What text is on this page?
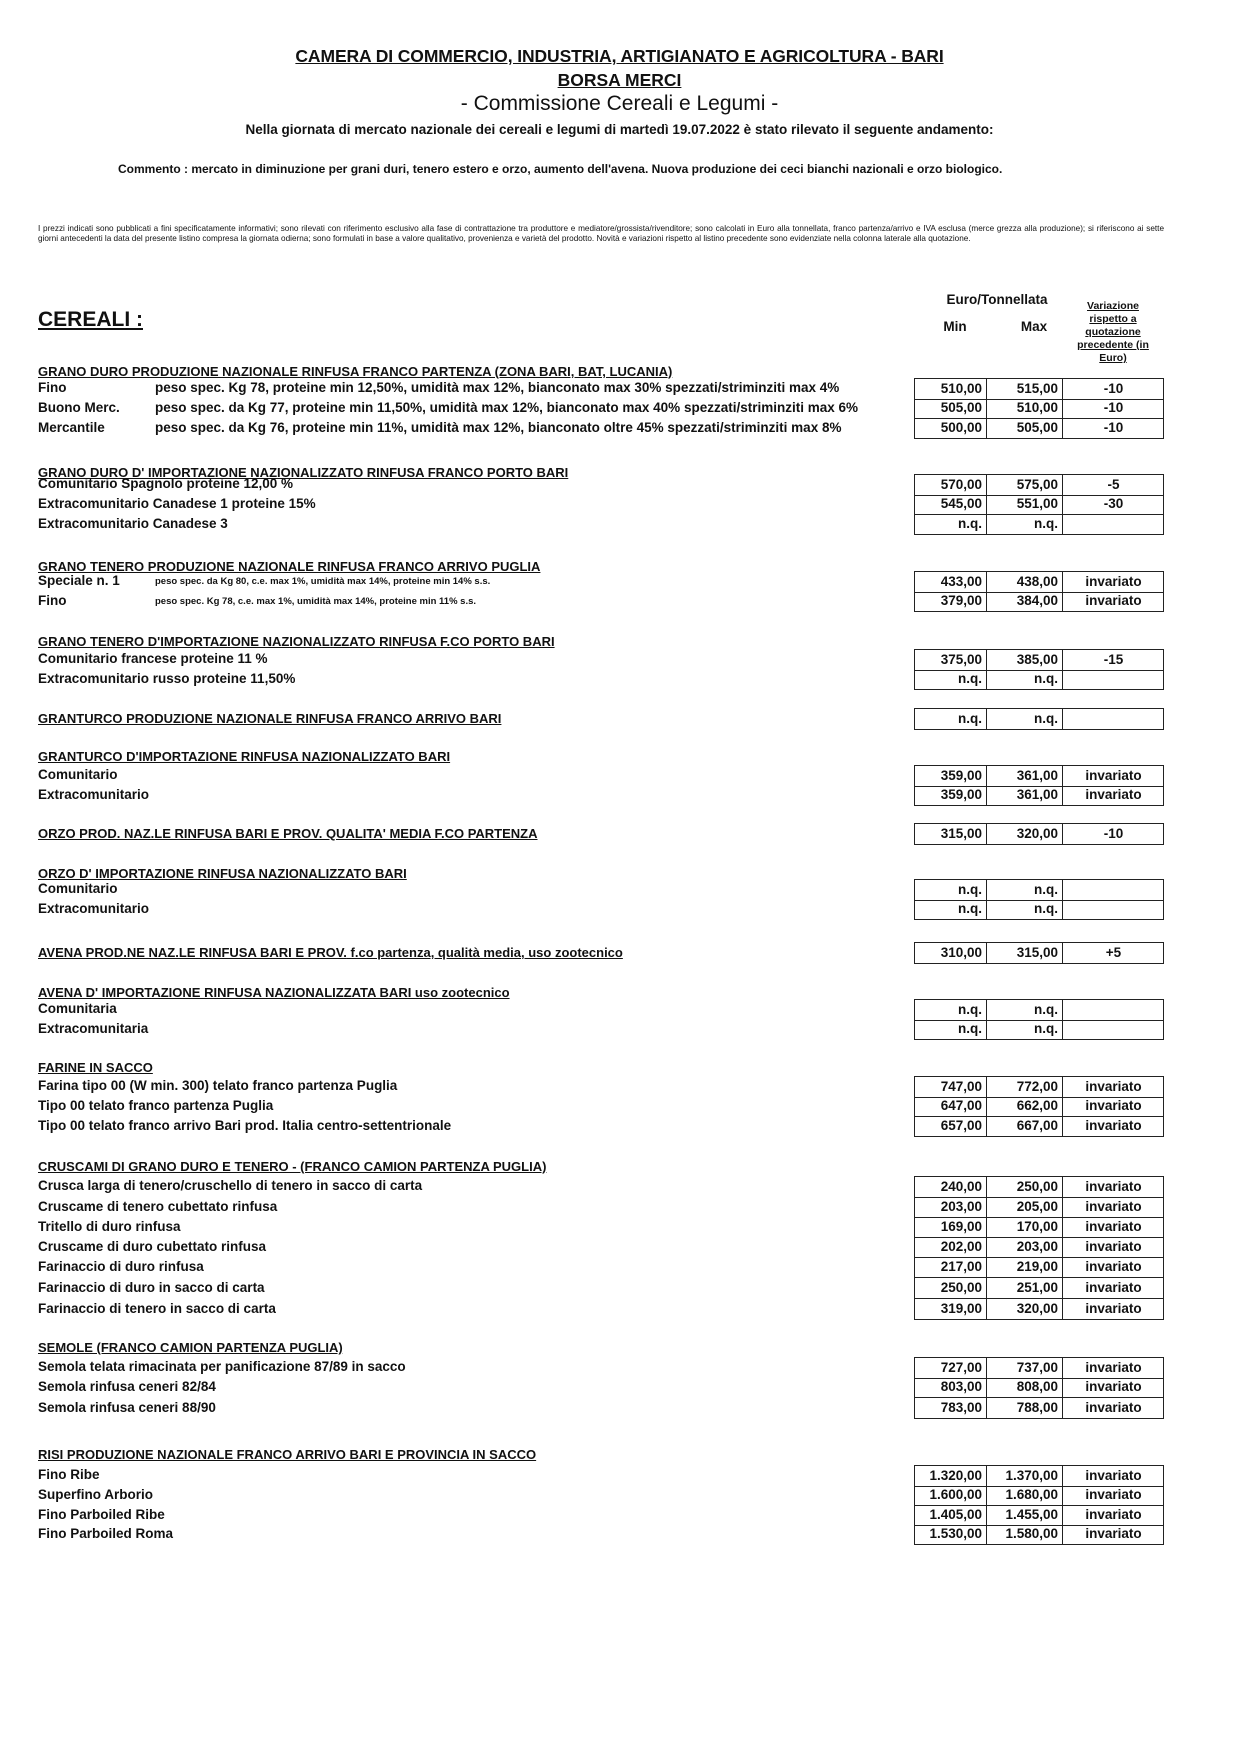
CAMERA DI COMMERCIO, INDUSTRIA, ARTIGIANATO E AGRICOLTURA - BARI
BORSA MERCI
- Commissione Cereali e Legumi -
Nella giornata di mercato nazionale dei cereali e legumi di martedì 19.07.2022 è stato rilevato il seguente andamento:
Commento : mercato in diminuzione per grani duri, tenero estero e orzo, aumento dell'avena. Nuova produzione dei ceci bianchi nazionali e orzo biologico.
I prezzi indicati sono pubblicati a fini specificatamente informativi; sono rilevati con riferimento esclusivo alla fase di contrattazione tra produttore e mediatore/grossista/rivenditore; sono calcolati in Euro alla tonnellata, franco partenza/arrivo e IVA esclusa (merce grezza alla produzione); si riferiscono ai sette giorni antecedenti la data del presente listino compresa la giornata odierna; sono formulati in base a valore qualitativo, provenienza e varietà del prodotto. Novità e variazioni rispetto al listino precedente sono evidenziate nella colonna laterale alla quotazione.
CEREALI :
Euro/Tonnellata
Min	Max
Variazione rispetto a quotazione precedente (in Euro)
GRANO DURO PRODUZIONE NAZIONALE RINFUSA FRANCO PARTENZA (ZONA BARI, BAT, LUCANIA)
Fino	peso spec. Kg 78, proteine min 12,50%, umidità max 12%, bianconato max 30% spezzati/striminziti max 4%	510,00	515,00	-10
Buono Merc.	peso spec. da Kg 77, proteine min 11,50%, umidità max 12%, bianconato max 40% spezzati/striminziti max 6%	505,00	510,00	-10
Mercantile	peso spec. da Kg 76, proteine min 11%, umidità max 12%, bianconato oltre 45% spezzati/striminziti max 8%	500,00	505,00	-10
GRANO DURO D' IMPORTAZIONE NAZIONALIZZATO RINFUSA FRANCO PORTO BARI
Comunitario Spagnolo proteine 12,00 %	570,00	575,00	-5
Extracomunitario Canadese 1 proteine 15%	545,00	551,00	-30
Extracomunitario Canadese 3	n.q.	n.q.
GRANO TENERO PRODUZIONE NAZIONALE RINFUSA FRANCO ARRIVO PUGLIA
Speciale n. 1	peso spec. da Kg 80, c.e. max 1%, umidità max 14%, proteine min 14% s.s.	433,00	438,00	invariato
Fino	peso spec. Kg 78, c.e. max 1%, umidità max 14%, proteine min 11% s.s.	379,00	384,00	invariato
GRANO TENERO D'IMPORTAZIONE NAZIONALIZZATO RINFUSA F.CO PORTO BARI
Comunitario francese proteine 11 %	375,00	385,00	-15
Extracomunitario russo proteine 11,50%	n.q.	n.q.
GRANTURCO PRODUZIONE NAZIONALE RINFUSA FRANCO ARRIVO BARI	n.q.	n.q.
GRANTURCO D'IMPORTAZIONE RINFUSA NAZIONALIZZATO BARI
Comunitario	359,00	361,00	invariato
Extracomunitario	359,00	361,00	invariato
ORZO PROD. NAZ.LE RINFUSA BARI E PROV. QUALITA' MEDIA F.CO PARTENZA	315,00	320,00	-10
ORZO D' IMPORTAZIONE RINFUSA NAZIONALIZZATO BARI
Comunitario	n.q.	n.q.
Extracomunitario	n.q.	n.q.
AVENA PROD.NE NAZ.LE RINFUSA BARI E PROV. f.co partenza, qualità media, uso zootecnico	310,00	315,00	+5
AVENA D' IMPORTAZIONE RINFUSA NAZIONALIZZATA BARI uso zootecnico
Comunitaria	n.q.	n.q.
Extracomunitaria	n.q.	n.q.
FARINE IN SACCO
Farina tipo 00 (W min. 300) telato franco partenza Puglia	747,00	772,00	invariato
Tipo 00 telato franco partenza Puglia	647,00	662,00	invariato
Tipo 00 telato franco arrivo Bari prod. Italia centro-settentrionale	657,00	667,00	invariato
CRUSCAMI DI GRANO DURO E TENERO - (FRANCO CAMION PARTENZA PUGLIA)
Crusca larga di tenero/cruschello di tenero in sacco di carta	240,00	250,00	invariato
Cruscame di tenero cubettato rinfusa	203,00	205,00	invariato
Tritello di duro rinfusa	169,00	170,00	invariato
Cruscame di duro cubettato rinfusa	202,00	203,00	invariato
Farinaccio di duro rinfusa	217,00	219,00	invariato
Farinaccio di duro in sacco di carta	250,00	251,00	invariato
Farinaccio di tenero in sacco di carta	319,00	320,00	invariato
SEMOLE (FRANCO CAMION PARTENZA PUGLIA)
Semola telata rimacinata per panificazione 87/89 in sacco	727,00	737,00	invariato
Semola rinfusa ceneri 82/84	803,00	808,00	invariato
Semola rinfusa ceneri 88/90	783,00	788,00	invariato
RISI PRODUZIONE NAZIONALE FRANCO ARRIVO BARI E PROVINCIA IN SACCO
Fino Ribe	1.320,00	1.370,00	invariato
Superfino Arborio	1.600,00	1.680,00	invariato
Fino Parboiled Ribe	1.405,00	1.455,00	invariato
Fino Parboiled Roma	1.530,00	1.580,00	invariato
